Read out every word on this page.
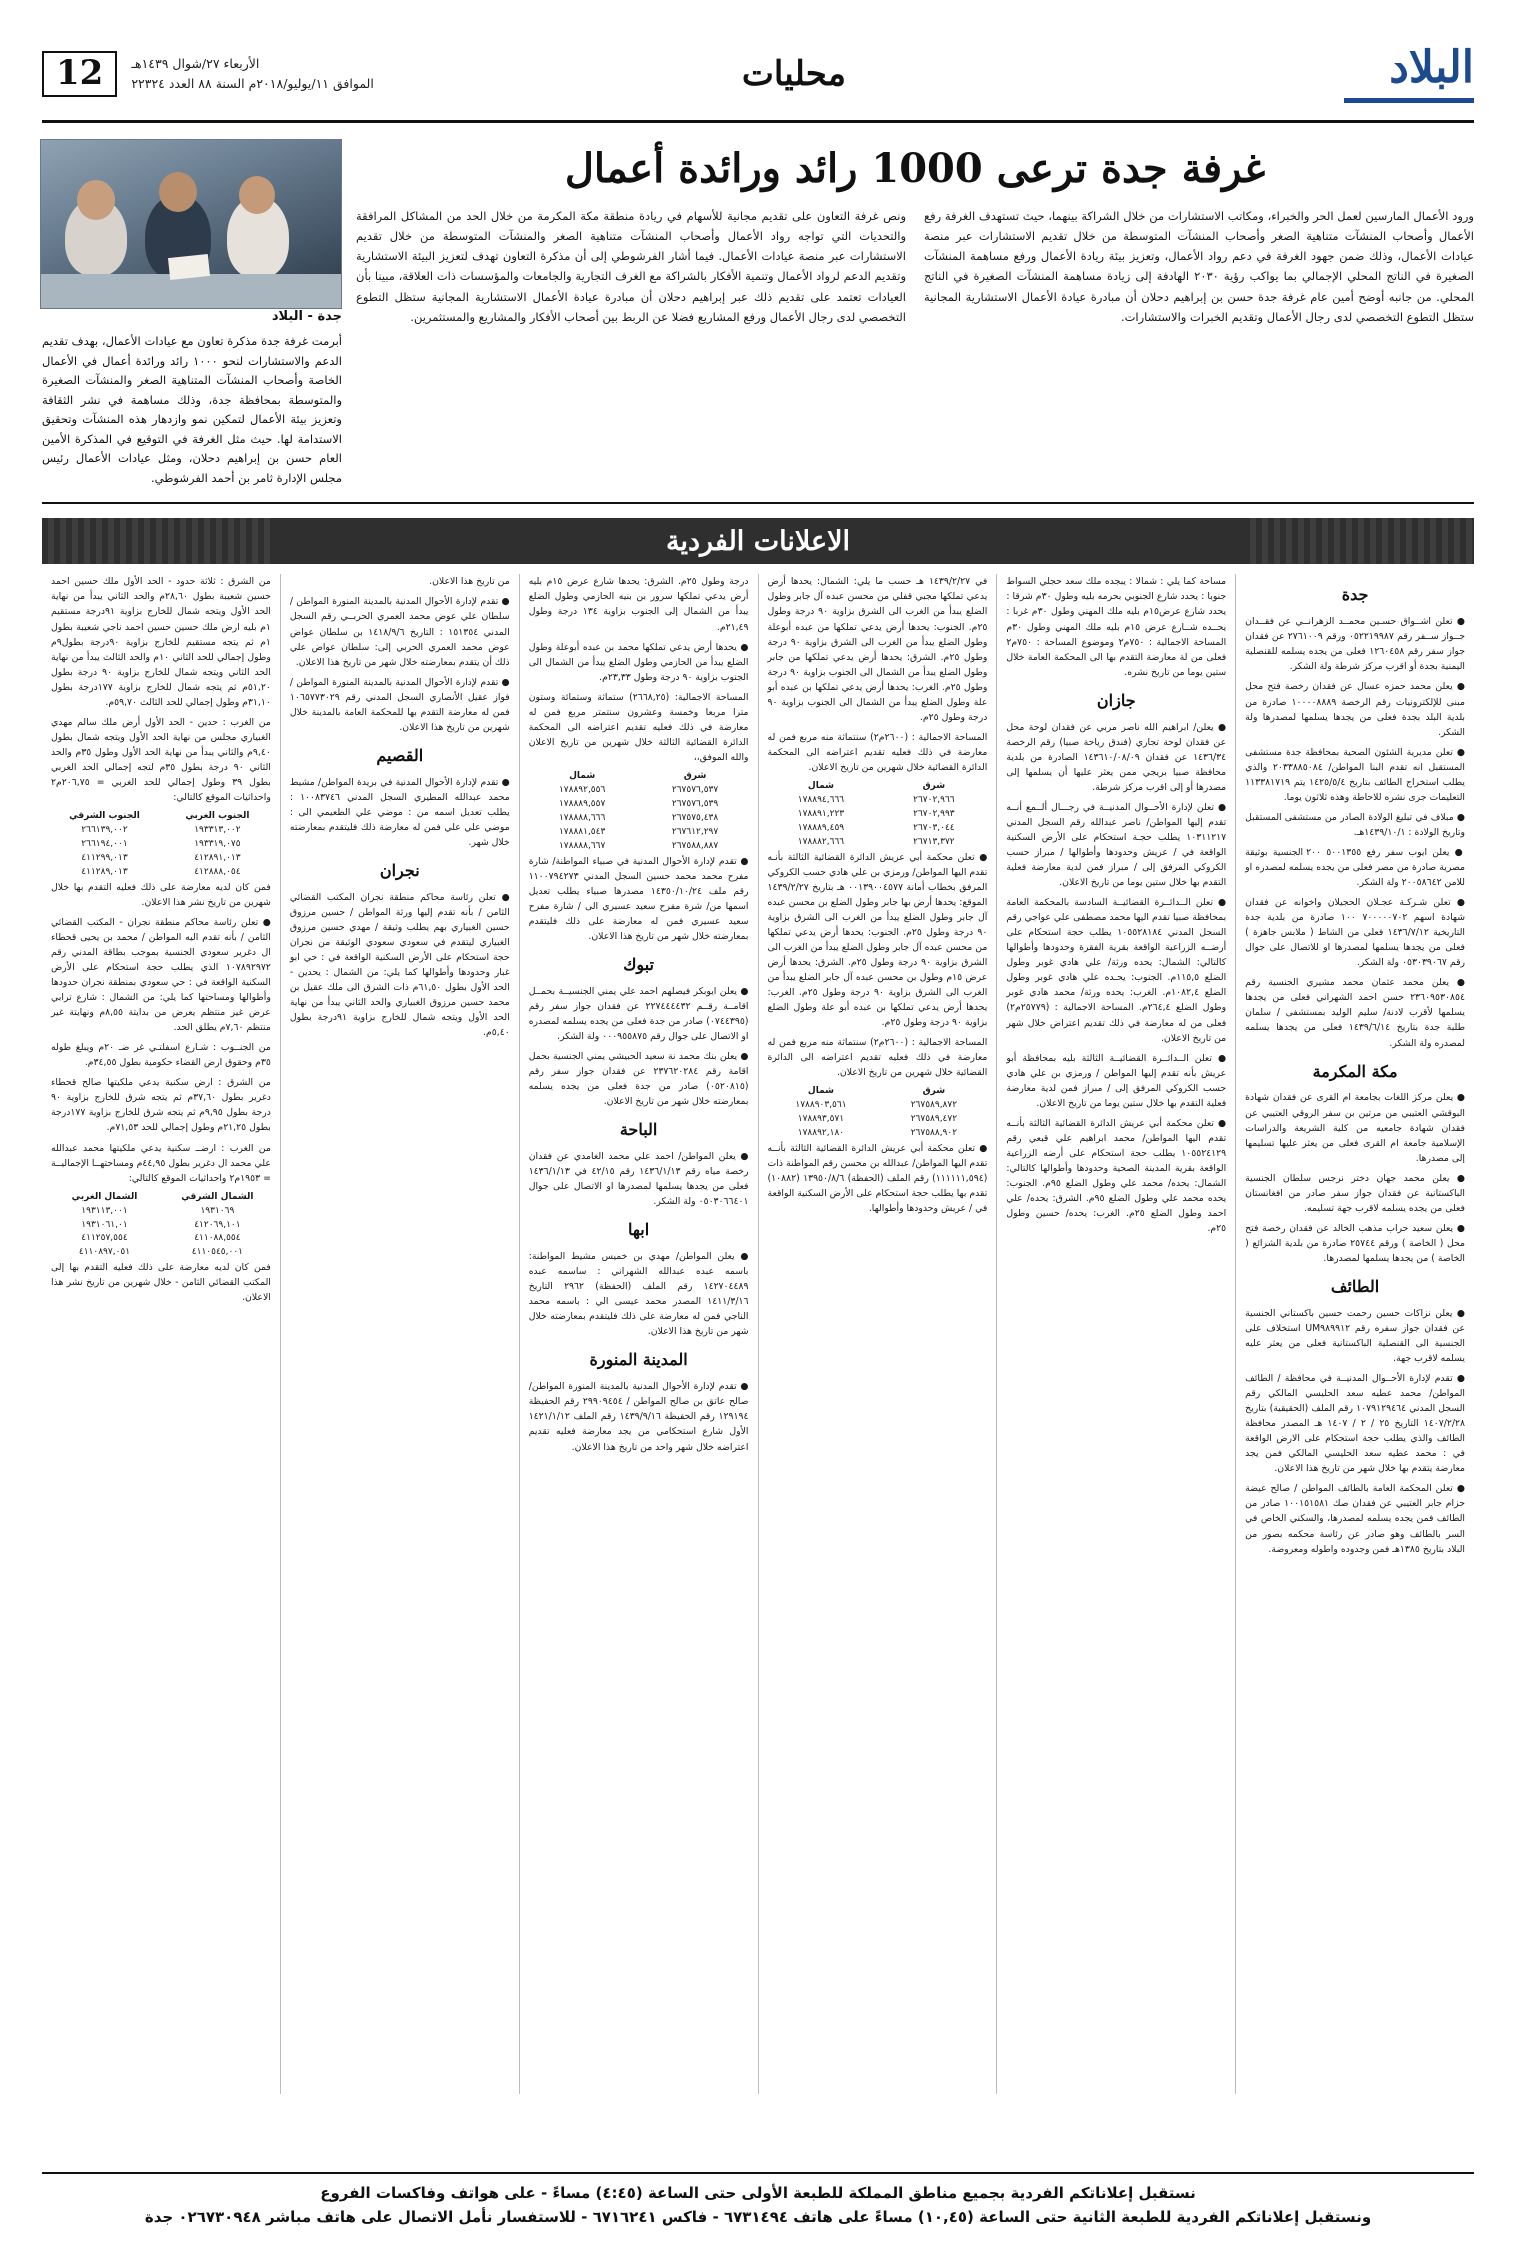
البلاد
محليات
الأربعاء ٢٧/شوال ١٤٣٩هـ
الموافق ١١/يوليو/٢٠١٨م السنة ٨٨ العدد ٢٢٣٢٤
12
غرفة جدة ترعى 1000 رائد ورائدة أعمال
ورود الأعمال المارسين لعمل الحر والخبراء، ومكاتب الاستشارات من خلال الشراكة بينهما، حيث تستهدف الغرفة رفع الأعمال وأصحاب المنشآت متناهية الصغر وأصحاب المنشآت المتوسطة من خلال تقديم الاستشارات عبر منصة عيادات الأعمال، وذلك ضمن جهود الغرفة في دعم رواد الأعمال، وتعزيز بيئة ريادة الأعمال ورفع مساهمة المنشآت الصغيرة في الناتج المحلي الإجمالي بما يواكب رؤية ٢٠٣٠ الهادفة إلى زيادة مساهمة المنشآت الصغيرة في الناتج المحلي. من جانبه أوضح أمين عام غرفة جدة حسن بن إبراهيم دحلان أن مبادرة عيادة الأعمال الاستشارية المجانية ستظل التطوع التخصصي لدى رجال الأعمال وتقديم الخبرات والاستشارات.
ونص غرفة التعاون على تقديم مجانية للأسهام في ريادة منطقة مكة المكرمة من خلال الحد من المشاكل المرافقة والتحديات التي تواجه رواد الأعمال وأصحاب المنشآت متناهية الصغر والمنشآت المتوسطة من خلال تقديم الاستشارات عبر منصة عيادات الأعمال. فيما أشار الفرشوطي إلى أن مذكرة التعاون تهدف لتعزيز البيئة الاستشارية وتقديم الدعم لرواد الأعمال وتنمية الأفكار بالشراكة مع الغرف التجارية والجامعات والمؤسسات ذات العلاقة، مبينا بأن العيادات تعتمد على تقديم ذلك عبر إبراهيم دحلان أن مبادرة عيادة الأعمال الاستشارية المجانية ستظل التطوع التخصصي لدى رجال الأعمال ورفع المشاريع فضلا عن الربط بين أصحاب الأفكار والمشاريع والمستثمرين.
جدة - البلاد
أبرمت غرفة جدة مذكرة تعاون مع عيادات الأعمال، بهدف تقديم الدعم والاستشارات لنحو ١٠٠٠ رائد ورائدة أعمال في الأعمال الخاصة وأصحاب المنشآت المتناهية الصغر والمنشآت الصغيرة والمتوسطة بمحافظة جدة، وذلك مساهمة في نشر الثقافة وتعزيز بيئة الأعمال لتمكين نمو وازدهار هذه المنشآت وتحقيق الاستدامة لها. حيث مثل الغرفة في التوقيع في المذكرة الأمين العام حسن بن إبراهيم دحلان، ومثل عيادات الأعمال رئيس مجلس الإدارة ثامر بن أحمد الفرشوطي.
الاعلانات الفردية
جدة

● تعلن اشــواق حسـين محمــد الزهرانــي عن فقــدان جــواز ســفر رقم ٠٥٢٢١٩٩٨٧ ورقم ٢٧٦١٠٠٩ عن فقدان جواز سفر رقم ١٢٦٠٤٥٨ فعلى من يجده يسلمه للقنصلية اليمنية بجدة أو اقرب مركز شرطة ولة الشكر.

● يعلن محمد حمزه عسال عن فقدان رخصة فتح محل مبنى للإلكترونيات رقم الرخصة ١٠٠٠٠٨٨٨٩ صادرة من بلدية البلد بجدة فعلى من يجدها يسلمها لمصدرها ولة الشكر.

● تعلن مديرية الشئون الصحية بمحافظة جدة مستشفى المستقبل انه تقدم البنا المواطن/ ٢٠٣٣٨٨٥٠٨٤ والذي يطلب استخراج الطائف بتاريخ ١٤٢٥/٥/٤ يتم ١١٣٣٨١٧١٩ التعليمات جرى نشره للاحاطة وهذه ثلاثون يوما.

● مبلاف في تبليغ الولادة الصادر من مستشفى المستقبل وتاريخ الولادة : ١٤٣٩/١٠/١هـ.

● يعلن ايوب سفر رفع ٥٠٠١٣٥٥ ٢٠٠ الجنسية بوثيقة مصرية صادرة من مصر فعلى من يجده يسلمه لمصدره او للامن ٢٠٠٥٨٦٤٢ ولة الشكر.

● تعلن شـركـة عجـلان الحجيلان واخوانه عن فقدان شهادة اسهم ٧٠٠٠٠٠٧٠٢ ١٠٠ صادرة من بلدية جدة التاريخية ١٤٣٦/٧/١٢ فعلى من الشاط ( ملابس جاهزة ) فعلى من يجدها يسلمها لمصدرها او للاتصال على جوال رقم ٠٥٣٠٣٩٠٦٧ ولة الشكر.

● يعلن محمد عثمان محمد مشيري الجنسية رقم ٢٣٦٠٩٥٣٠٨٥٤ حسن احمد الشهراني فعلى من يجدها يسلمها لأقرب لادنة/ سليم الوليد بمستشفى / سلمان طلبة جدة بتاريخ ١٤٣٩/٦/١٤ فعلى من يجدها يسلمه لمصدره ولة الشكر.

مكة المكرمة

● يعلن مركز اللغات بجامعة ام القرى عن فقدان شهادة البوقشي العتيبي من مرتين بن سفر الروقي العتيبي عن فقدان شهادة جامعيه من كلية الشريعة والدراسات الإسلامية جامعة ام القرى فعلى من يعثر عليها تسليمها إلى مصدرها.

● يعلن محمد جهان دختر نرجس سلطان الجنسية الباكستانية عن فقدان جواز سفر صادر من افغانستان فعلى من يجده يسلمه لاقرب جهة تسليمه.

● يعلن سعيد حراب مذهب الخالد عن فقدان رخصة فتح محل ( الخاصة ) ورقم ٢٥٧٤٤ صادرة من بلدية الشرائع ( الخاصة ) من يجدها يسلمها لمصدرها.

الطائف

● يعلن نزاكات حسين رحمت حسين باكستاني الجنسية عن فقدان جواز سفره رقم UM٩٨٩٩١٢ استخلاف على الجنسية الى القنصلية الباكستانية فعلى من يعثر عليه يسلمه لاقرب جهة.

● تقدم لإدارة الأحــوال المدنيــة في محافظة / الطائف المواطن/ محمد عطيه سعد الحليسي المالكي رقم السجل المدني ١٠٧٩١٢٩٤٦٤ رقم الملف (الحقيقية) بتاريخ ١٤٠٧/٢/٢٨ التاريخ ٢٥ / ٢ / ١٤٠٧ هـ المصدر محافظة الطائف والذي يطلب حجة استحكام على الارض الواقعة في : محمد عطيه سعد الحليسي المالكي فمن يجد معارضة يتقدم بها خلال شهر من تاريخ هذا الاعلان.

● تعلن المحكمة العامة بالطائف المواطن / صالح عيضة حزام جابر العتيبي عن فقدان صك ١٠٠١٥١٥٨١ صادر من الطائف فمن يجده يسلمه لمصدرها، والسكني الخاص في السر بالطائف وهو صادر عن رئاسة محكمه بصور من البلاد بتاريخ ١٣٨٥هـ فمن وجدوده واطوله ومعروضة.

مساحة كما يلي : شمالا : يبجده ملك سعد حجلي السواط جنوبا : يحدد شارع الجنوبي بحرمه بليه وطول ٣٠م شرقا : يحدد شارع عرض١٥م بليه ملك المهني وطول ٣٠م غربا : يحــده شــارع عرض ١٥م بليه ملك المهني وطول ٣٠م المساحة الاجمالية : ٧٥٠م٢ وموضوع المساحة : ٧٥٠م٢ فعلى من لة معارضة التقدم بها الى المحكمة العامة خلال ستين يوما من تاريخ نشره.

جازان

● يعلن/ ابراهيم الله ناصر مربي عن فقدان لوحة محل عن فقدان لوحة تجاري (فندق رياحة صبيا) رقم الرخصة ١٤٣٦/٣٤ عن فقدان ١٤٣٦١٠/٠٨/٠٩ الصادرة من بلدية محافظة صبيا بريجي ممن يعثر عليها أن يسلمها إلى مصدرها أو إلى اقرب مركز شرطة.

● تعلن لإدارة الأحــوال المدنيــة في رجـــال ألــمع أنــه تقدم إليها المواطن/ ناصر عبدالله رقم السجل المدني ١٠٣١١٢١٧ يطلب حجـة استحكام على الأرض السكنية الواقعة في / عريش وحدودها وأطوالها / مبراز حسب الكروكي المرفق إلى / مبراز فمن لدية معارضة فعلية التقدم بها خلال ستين يوما من تاريخ الاعلان.

● تعلن الــدائــرة القضائيــة السادسة بالمحكمة العامة بمحافظة صبيا تقدم اليها محمد مصطفى علي عواجي رقم السجل المدني ١٠٥٥٢٨١٨٤ يطلب حجة استحكام على أرضــه الزراعية الواقعة بقرية الفقرة وحدودها وأطوالها كالتالي: الشمال: يحده ورثة/ علي هادي غوبر وطول الضلع ١١٥,٥م. الجنوب: يحـده علي هادي غوبر وطول الضلع ١٠٨٢,٤م. الغرب: يحده ورثة/ محمد هادي غوبر وطول الضلع ٢٦٤,٤م. المساحة الاجمالية : (٢٥٧٧٩م٢) فعلى من له معارضة في ذلك تقديم اعتراض خلال شهر من تاريخ الاعلان.

● تعلن الــدائــرة القضائيــة الثالثة بليه بمحافظة أبو عريش بأنه تقدم إليها المواطن / ورمزي بن علي هادي حسب الكروكي المرفق إلى / مبراز فمن لدية معارضة فعلية التقدم بها خلال ستين يوما من تاريخ الاعلان.

● تعلن محكمة أبي عريش الدائرة القضائية الثالثة بأنــه تقدم اليها المواطن/ محمد ابراهيم علي قبعي رقم ١٠٥٥٢٤١٢٩ يطلب حجة استحكام على أرضه الزراعية الواقعة بقرية المدينة الصحية وحدودها وأطوالها كالتالي: الشمال: يحده/ محمد علي وطول الضلع ٩٥م. الجنوب: يحده محمد علي وطول الضلع ٩٥م. الشرق: يحده/ علي احمد وطول الضلع ٢٥م. الغرب: يحده/ حسين وطول ٢٥م.

في ١٤٣٩/٢/٢٧ هـ حسب ما يلي: الشمال: يحدها أرض يدعي تملكها مجبي قفلي من محسن عبده آل جابر وطول الضلع يبدأ من الغرب الى الشرق بزاوية ٩٠ درجة وطول ٢٥م. الجنوب: يحدها أرض يدعي تملكها من عبده أبوعلة وطول الضلع يبدأ من الغرب الى الشرق بزاوية ٩٠ درجة وطول ٢٥م. الشرق: يحدها أرض يدعي تملكها من جابر وطول الضلع يبدأ من الشمال الى الجنوب بزاوية ٩٠ درجة وطول ٢٥م. الغرب: يحدها أرض يدعي تملكها بن عبده أبو علة وطول الضلع يبدأ من الشمال الى الجنوب بزاوية ٩٠ درجة وطول ٢٥م.

المساحة الاجمالية : (٢٦٠٠م٢) سنتماثة منه مربع فمن له معارضة في ذلك فعليه تقديم اعتراضه الى المحكمة الدائرة القضائية خلال شهرين من تاريخ الاعلان.

شرق
شمال
٢٦٧٠٢,٩٦٦
١٧٨٨٩٤,٦٦٦
٢٦٧٠٢,٩٩٣
١٧٨٨٩١,٢٢٣
٢٦٧٠٣,٠٤٤
١٧٨٨٨٩,٤٥٩
٢٦٧١٣,٣٧٢
١٧٨٨٨٢,٦٦٦

● تعلن محكمة أبي عريش الدائرة القضائية الثالثة بأنـه تقدم اليها المواطن/ ورمزي بن علي هادي حسب الكروكي المرفق بخطاب أمانة ٠٠١٣٩٠٠٤٥٧٧ هـ بتاريخ ١٤٣٩/٢/٢٧ الموقع: يحدها أرض بها جابر وطول الضلع بن محسن عبده آل جابر وطول الضلع يبدأ من الغرب الى الشرق بزاوية ٩٠ درجة وطول ٢٥م. الجنوب: يحدها أرض يدعي تملكها من محسن عبده آل جابر وطول الضلع يبدأ من الغرب الى الشرق بزاوية ٩٠ درجة وطول ٢٥م. الشرق: يحدها أرض عرض ١٥م وطول بن محسن عبده آل جابر الضلع يبدأ من الغرب الى الشرق بزاوية ٩٠ درجة وطول ٢٥م. الغرب: يحدها أرض يدعي تملكها بن عبده أبو علة وطول الضلع بزاوية ٩٠ درجة وطول ٢٥م.

المساحة الاجمالية : (٢٦٠٠م٢) سنتماثة منه مربع فمن له معارضة في ذلك فعليه تقديم اعتراضه الى الدائرة القضائية خلال شهرين من تاريخ الاعلان.

شرق
شمال
٢٦٧٥٨٩,٨٧٢
١٧٨٨٩٠٣,٥٦١
٢٦٧٥٨٩,٤٧٢
١٧٨٨٩٣,٥٧١
٢٦٧٥٨٨,٩٠٢
١٧٨٨٩٢,١٨٠

● تعلن محكمة أبي عريش الدائرة القضائية الثالثة بأنــه تقدم اليها المواطن/ عبدالله بن محسن رقم المواطنة ذات (١١١١١١,٥٩٤) رقم الملف (الحفظة) ١٣٩٥٠/٨/٦ (١٠٨٨٢) تقدم بها يطلب حجة استحكام على الأرض السكنية الواقعة في / عريش وحدودها وأطوالها.

درجة وطول ٢٥م. الشرق: يحدها شارع عرض ١٥م بليه أرض يدعي تملكها سرور بن بنيه الحازمي وطول الضلع يبدأ من الشمال إلى الجنوب بزاوية ١٣٤ درجة وطول ٢١,٤٩م.

● يحدها أرض يدعي تملكها محمد بن عبده أبوعلة وطول الضلع يبدأ من الحازمي وطول الضلع يبدأ من الشمال الى الجنوب بزاوية ٩٠ درجة وطول ٢٣,٣٣م.

المساحة الاجمالية: (٢٦٦٨,٢٥) ستماثة وستمائة وستون مترا مربعا وخمسة وعشرون سنتمتر مربع فمن له معارضة في ذلك فعليه تقديم اعتراضه الى المحكمة الدائرة القضائية الثالثة خلال شهرين من تاريخ الاعلان والله الموفق،،

شرق
شمال
٢٦٧٥٧٦,٥٣٧
١٧٨٨٩٢,٥٥٦
٢٦٧٥٧٦,٥٣٩
١٧٨٨٨٩,٥٥٧
٢٦٧٥٧٥,٤٣٨
١٧٨٨٨٨,٦٦٦
٢٦٧٦١٢,٢٩٧
١٧٨٨٨١,٥٤٣
٢٦٧٥٨٨,٨٨٧
١٧٨٨٨٨,٦٦٧

● تقدم لإدارة الأحوال المدنية في صبياء المواطنة/ شارة مفرح محمد محمد حسين السجل المدني ١١٠٠٧٩٤٢٧٣ رقم ملف ١٤٣٥٠/١٠/٢٤ مصدرها صبياء يطلب تعديل اسمها من/ شرة مفرح سعيد عسيري الى / شارة مفرح سعيد عسيري فمن له معارضة على ذلك فليتقدم بمعارضته خلال شهر من تاريخ هذا الاعلان.

تبوك

● يعلن ايوبكر فيصلهم احمد علي يمني الجنسيــة بحمــل اقامــة رقــم ٢٢٧٤٤٤٤٣٢ عن فقدان جواز سفر رقم (٠٧٤٤٣٩٥) صادر من جدة فعلى من يجده يسلمه لمصدره او الاتصال على جوال رقم ٠٠٠٩٥٥٨٧٥ ولة الشكر.

● يعلن بنك محمد نة سعيد الحبيشي يمني الجنسية بحمل اقامة رقم ٢٣٧٦٢٠٢٨٤ عن فقدان جواز سفر رقم (٠٥٢٠٨١٥) صادر من جدة فعلى من يجده يسلمه بمعارضته خلال شهر من تاريخ الاعلان.

الباحة

● يعلن المواطن/ احمد علي محمد الغامدي عن فقدان رخصة مياه رقم ١٤٣٦/١/١٣ رقم ٤٢/١٥ في ١٤٣٦/١/١٣ فعلى من يجدها يسلمها لمصدرها او الاتصال على جوال ٠٥٠٣٠٦٦٤٠١ ولة الشكر.

ابها

● يعلن المواطن/ مهدي بن خميس مشيط المواطنة: باسمه عبده عبدالله الشهراني : ساسمه عبده ١٤٢٧٠٤٤٨٩ رقم الملف (الحفظة) ٢٩٦٢ التاريخ ١٤١١/٣/١٦ المصدر محمد عيسى الي : باسمه محمد الناجي فمن له معارضة على ذلك فليتقدم بمعارضته خلال شهر من تاريخ هذا الاعلان.

المدينة المنورة

● تقدم لإدارة الأحوال المدنية بالمدينة المنورة المواطن/ صالح عاتق بن صالح المواطن / ٢٩٩٠٩٤٥٤ رقم الحفيظة ١٢٩١٩٤ رقم الحفيظة ١٤٣٩/٩/١٦ رقم الملف ١٤٢١/١/١٢ الأول شارع استحكامي من يجد معارضة فعليه تقديم اعتراضه خلال شهر واحد من تاريخ هذا الاعلان.

من تاريخ هذا الاعلان.

● تقدم لإدارة الأحوال المدنية بالمدينة المنورة المواطن / سلطان علي عوض محمد العمري الحربــي رقم السجل المدني ١٥١٣٥٤ : التاريخ ١٤١٨/٩/٦ بن سلطان عواض عوض محمد العمري الحربي إلى: سلطان عواض علي ذلك أن يتقدم بمعارضته خلال شهر من تاريخ هذا الاعلان.

● تقدم لإدارة الأحوال المدنية بالمدينة المنورة المواطن / فواز عقيل الأنصاري السجل المدني رقم ١٠٦٥٧٧٣٠٢٩ فمن له معارضة التقدم بها للمحكمة العامة بالمدينة خلال شهرين من تاريخ هذا الاعلان.

القصيم

● تقدم لإدارة الأحوال المدنية في بريدة المواطن/ مشيط محمد عبدالله المطيري السجل المدني ١٠٠٨٣٧٤٦ : يطلب تعديل اسمه من : موضي علي الطعيمي الى : موضي علي علي فمن له معارضة ذلك فليتقدم بمعارضته خلال شهر.

نجران

● تعلن رئاسة محاكم منطقة نجران المكتب القضائي الثامن / بأنه تقدم إليها ورثة المواطن / حسين مرزوق حسين الغبياري بهم يطلب وثيقة / مهدي حسين مرزوق الغبياري ليتقدم في سعودي سعودي الوثيقة من نجران حجة استحكام على الأرض السكنية الواقعة في : حي ابو غبار وحدودها وأطوالها كما يلي: من الشمال : يحدين - الحد الأول بطول ٦١,٥٠م ذات الشرق الى ملك عقيل بن محمد حسين مرزوق الغبياري والحد الثاني يبدأ من نهاية الحد الأول ويتجه شمال للخارج بزاوية ٩١درجة بطول ٥,٤٠م.

من الشرق : ثلاثة حدود - الحد الأول ملك حسين احمد حسين شعيبة بطول ٢٨,٦٠م والحد الثاني يبدأ من نهاية الحد الأول ويتجه شمال للخارج بزاوية ٩١درجة مستقيم ١م بليه ارض ملك حسين حسين احمد ناجي شعيبة بطول ١م ثم يتجه مستقيم للخارج بزاوية ٩٠درجة بطول٩م وطول إجمالي للحد الثاني ١٠م والحد الثالث يبدأ من نهاية الحد الثاني ويتجه شمال للخارج بزاوية ٩٠ درجة بطول ٥١,٢٠م ثم يتجه شمال للخارج بزاوية ١٧٧درجة بطول ٣١,١٠م وطول إجمالي للحد الثالث ٥٩,٧٠م.

من الغرب : حدين - الحد الأول أرض ملك سالم مهدي الغبياري مجلس من نهاية الحد الأول ويتجه شمال بطول ٩,٤٠م والثاني يبدأ من نهاية الحد الأول وطول ٣٥م والحد الثاني ٩٠ درجة بطول ٣٥م لتجه إجمالي الحد الغربي بطول ٣٩ وطول إجمالي للحد الغربي = ٢٠٦,٧٥م٢ واحداثيات الموقع كالتالي:

الجنوب الغربي
الجنوب الشرقي
١٩٣٣١٣,٠٠٢
٢٦٦١٣٩,٠٠٢
١٩٣٣١٩,٠٧٥
٢٦٦١٩٤,٠٠١
٤١٢٨٩١,٠١٣
٤١١٢٩٩,٠١٣
٤١٢٨٨٨,٠٥٤
٤١١٢٨٩,٠١٣

فمن كان لديه معارضة على ذلك فعليه التقدم بها خلال شهرين من تاريخ نشر هذا الاعلان.

● تعلن رئاسة محاكم منطقة نجران - المكتب القضائي الثامن / بأنه تقدم اليه المواطن / محمد بن يحيى قحطاء ال دغرير سعودي الجنسية بموجب بطاقة المدني رقم ١٠٧٨٩٢٩٧٢ الذي يطلب حجة استحكام على الأرض السكنية الواقعة في : حي سعودي بمنطقة نجران حدودها وأطوالها ومساحتها كما يلي: من الشمال : شارع ترابي عرض غير منتظم يعرض من بدايتة ٨,٥٥م ونهايتة غير منتظم ٧,٦٠م يطلق الحد.

من الجنــوب : شـارع اسفلتـي غر ضـ ٢٠م ويبلغ طوله ٣٥م وحقوق ارض القضاء حكومية بطول ٣٤,٥٥م.

من الشرق : ارض سكنية يدعي ملكيتها صالح قحطاء دغرير بطول ٣٧,٦٠م ثم يتجه شرق للخارج بزاوية ٩٠ درجة بطول ٩,٩٥م ثم يتجه شرق للخارج بزاوية ١٧٧درجة بطول ٢١,٢٥م وطول إجمالي للحد ٧١,٥٣م.

من الغرب : ارضــ سكنية يدعي ملكيتها محمد عبدالله علي محمد ال دغرير بطول ٤٤,٩٥م ومساحتهــا الإجماليــة = ١٩٥٣م٢ واحداثيات الموقع كالتالي:

الشمال الشرقي
الشمال الغربي
١٩٣١٠٦٩
١٩٣١١٣,٠٠١
٤١٢٠٦٩,١٠١
١٩٣١٠٦١,٠١
٤١١٠٨٨,٥٥٤
٤١١٢٥٧,٥٥٤
٤١١٠٥٤٥,٠٠١
٤١١٠٨٩٧,٠٥١

فمن كان لديه معارضة على ذلك فعليه التقدم بها إلى المكتب القضائي الثامن - خلال شهرين من تاريخ نشر هذا الاعلان.

نستقبل إعلاناتكم الفردية بجميع مناطق المملكة للطبعة الأولى حتى الساعة (٤:٤٥) مساءً - على هواتف وفاكسات الفروع
ونستقبل إعلاناتكم الفردية للطبعة الثانية حتى الساعة (١٠,٤٥) مساءً على هاتف ٦٧٣١٤٩٤ - فاكس ٦٧١٦٢٤١ - للاستفسار نأمل الاتصال على هاتف مباشر ٠٢٦٧٣٠٩٤٨ جدة
